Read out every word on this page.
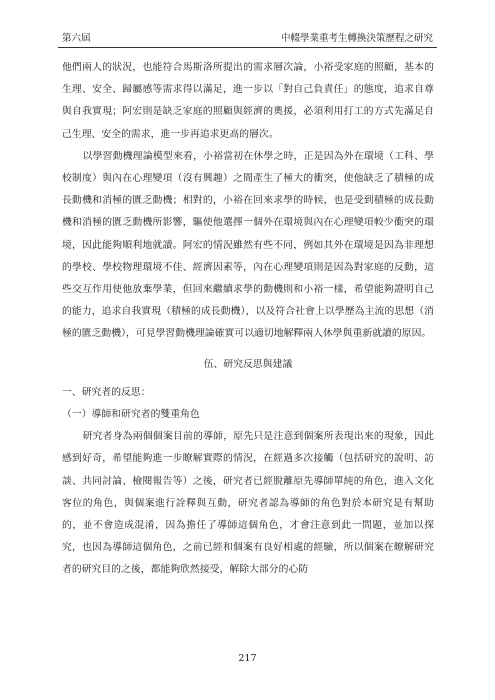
第六屆	中輟學業重考生轉換決策歷程之研究

他們兩人的狀況，也能符合馬斯洛所提出的需求層次論，小裕受家庭的照顧，基本的生理、安全、歸屬感等需求得以滿足，進一步以「對自己負責任」的態度，追求自尊與自我實現；阿宏則是缺乏家庭的照顧與經濟的奧援，必須利用打工的方式先滿足自己生理、安全的需求，進一步再追求更高的層次。

以學習動機理論模型來看，小裕當初在休學之時，正是因為外在環境（工科、學校制度）與內在心理變項（沒有興趣）之間產生了極大的衝突，使他缺乏了積極的成長動機和消極的匱乏動機；相對的，小裕在回來求學的時候，也是受到積極的成長動機和消極的匱乏動機所影響，驅使他選擇一個外在環境與內在心理變項較少衝突的環境，因此能夠順利地就讀。阿宏的情況雖然有些不同，例如其外在環境是因為非理想的學校、學校物理環境不佳、經濟因素等，內在心理變項則是因為對家庭的反動，這些交互作用使他放棄學業，但回來繼續求學的動機則和小裕一樣，希望能夠證明自己的能力，追求自我實現（積極的成長動機），以及符合社會上以學歷為主流的思想（消極的匱乏動機），可見學習動機理論確實可以適切地解釋兩人休學與重新就讀的原因。

伍、研究反思與建議

一、研究者的反思：

（一）導師和研究者的雙重角色

研究者身為兩個個案目前的導師，原先只是注意到個案所表現出來的現象，因此感到好奇，希望能夠進一步瞭解實際的情況，在經過多次接觸（包括研究的說明、訪談、共同討論、檢閱報告等）之後，研究者已經脫離原先導師單純的角色，進入文化客位的角色，與個案進行詮釋與互動，研究者認為導師的角色對於本研究是有幫助的，並不會造成混淆，因為擔任了導師這個角色，才會注意到此一問題，並加以探究，也因為導師這個角色，之前已經和個案有良好相處的經驗，所以個案在瞭解研究者的研究目的之後，都能夠欣然接受，解除大部分的心防

217
